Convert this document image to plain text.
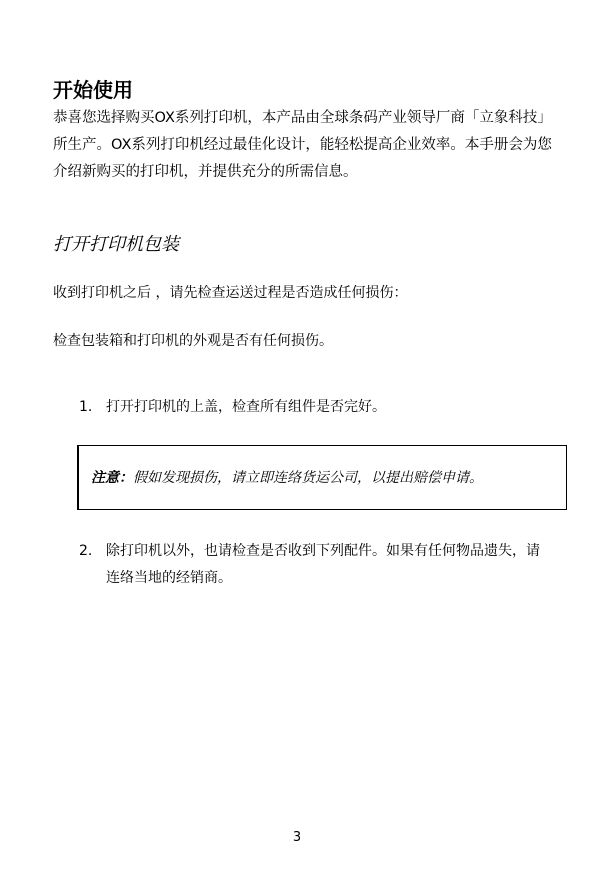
开始使用

恭喜您选择购买OX系列打印机，本产品由全球条码产业领导厂商「立象科技」所生产。OX系列打印机经过最佳化设计，能轻松提高企业效率。本手册会为您介绍新购买的打印机，并提供充分的所需信息。

打开打印机包装

收到打印机之后 ，请先检查运送过程是否造成任何损伤：

检查包装箱和打印机的外观是否有任何损伤。

1. 打开打印机的上盖，检查所有组件是否完好。

注意：假如发现损伤，请立即连络货运公司，以提出赔偿申请。

2. 除打印机以外，也请检查是否收到下列配件。如果有任何物品遗失，请连络当地的经销商。

3
